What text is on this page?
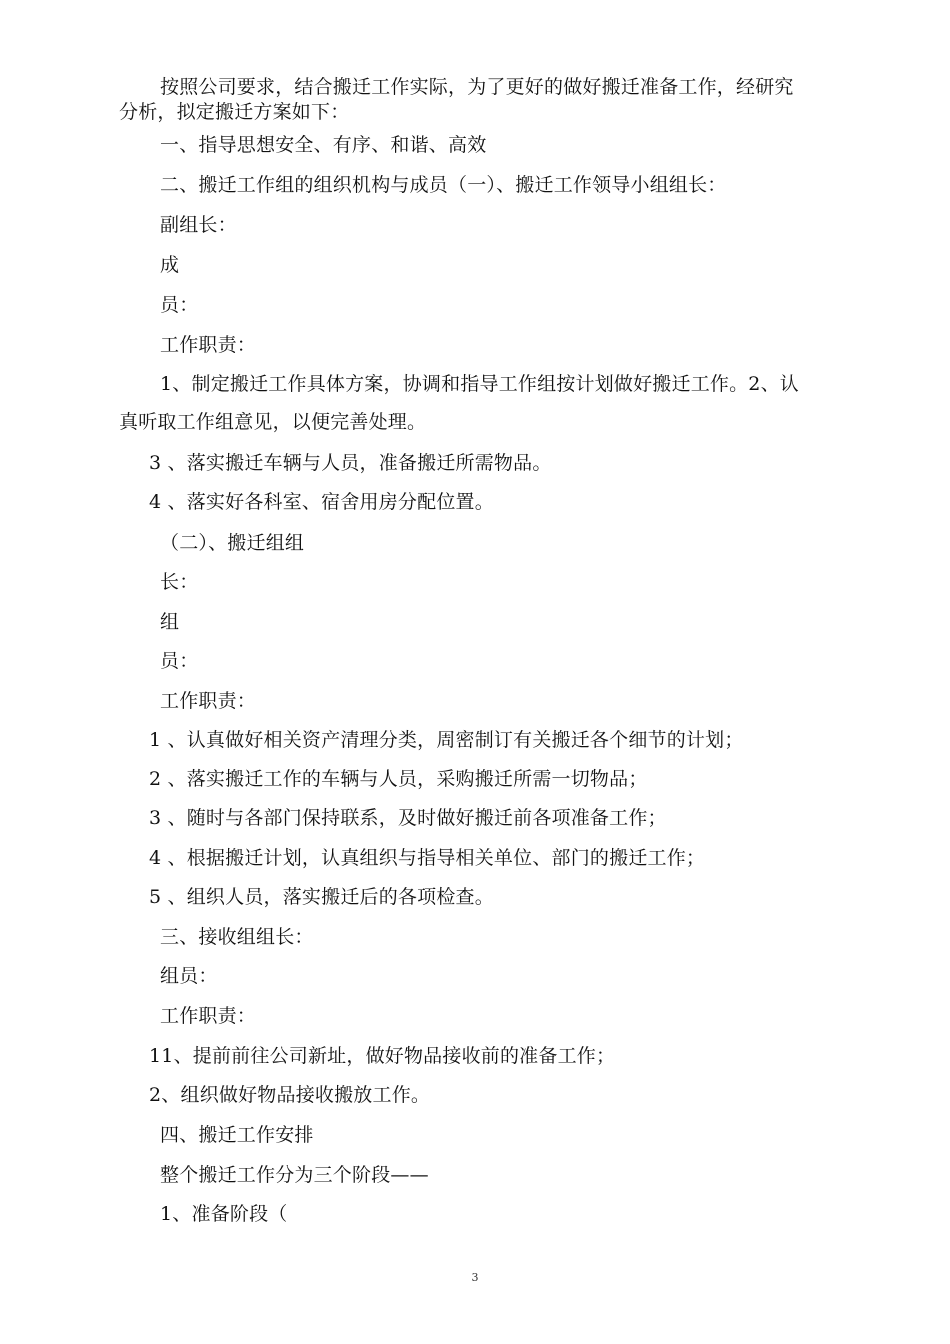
按照公司要求，结合搬迁工作实际，为了更好的做好搬迁准备工作，经研究
分析，拟定搬迁方案如下：
一、指导思想安全、有序、和谐、高效
二、搬迁工作组的组织机构与成员（一）、搬迁工作领导小组组长：
副组长：
成
员：
工作职责：
1、制定搬迁工作具体方案，协调和指导工作组按计划做好搬迁工作。2、认
真听取工作组意见，以便完善处理。
3 、落实搬迁车辆与人员，准备搬迁所需物品。
4 、落实好各科室、宿舍用房分配位置。
（二）、搬迁组组
长：
组
员：
工作职责：
1 、认真做好相关资产清理分类，周密制订有关搬迁各个细节的计划；
2 、落实搬迁工作的车辆与人员，采购搬迁所需一切物品；
3 、随时与各部门保持联系，及时做好搬迁前各项准备工作；
4 、根据搬迁计划，认真组织与指导相关单位、部门的搬迁工作；
5 、组织人员，落实搬迁后的各项检查。
三、接收组组长：
组员：
工作职责：
11、提前前往公司新址，做好物品接收前的准备工作；
2、组织做好物品接收搬放工作。
四、搬迁工作安排
整个搬迁工作分为三个阶段——
1、准备阶段（
3
